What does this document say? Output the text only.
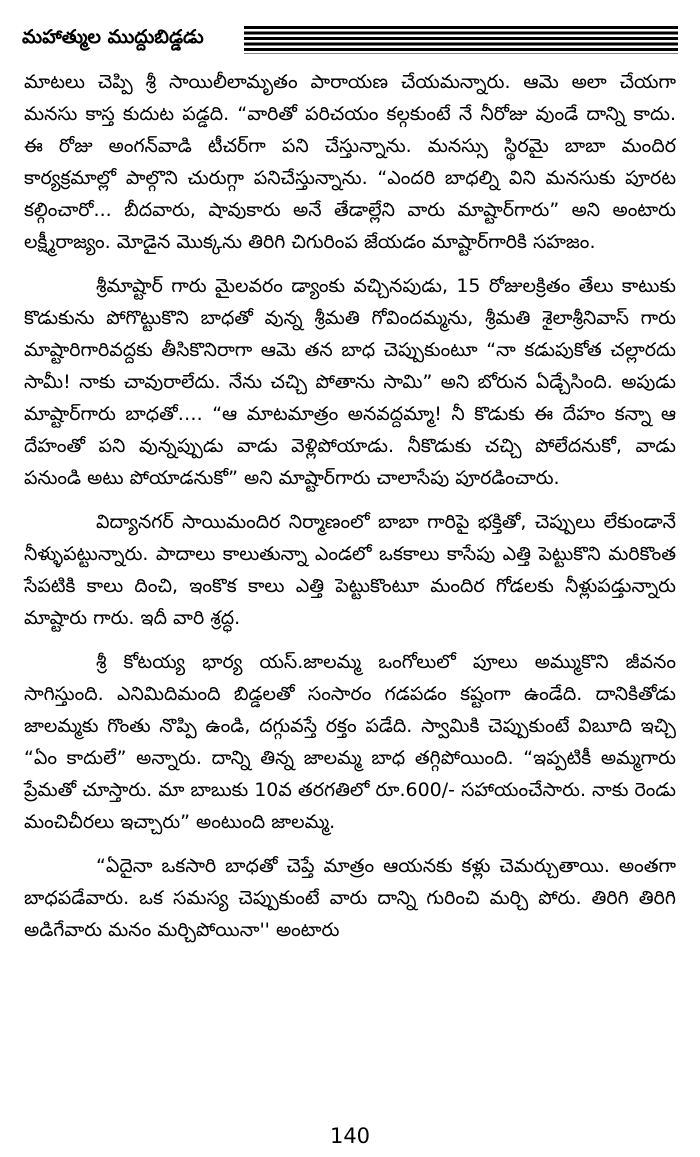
మహాత్ముల ముద్దుబిడ్డడు

మాటలు చెప్పి శ్రీ సాయిలీలామృతం పారాయణ చేయమన్నారు. ఆమె అలా చేయగా మనసు కాస్త కుదుట పడ్డది. “వారితో పరిచయం కల్గకుంటే నే నీరోజు వుండే దాన్ని కాదు. ఈ రోజు అంగన్‌వాడి టీచర్‌గా పని చేస్తున్నాను. మనస్సు స్థిరమై బాబా మందిర కార్యక్రమాల్లో పాల్గొని చురుగ్గా పనిచేస్తున్నాను. “ఎందరి బాధల్ని విని మనసుకు పూరట కల్గించారో... బీదవారు, షావుకారు అనే తేడాల్లేని వారు మాష్టార్‌గారు” అని అంటారు లక్ష్మీరాజ్యం. మోడైన మొక్కను తిరిగి చిగురింప జేయడం మాష్టార్‌గారికి సహజం.

శ్రీమాష్టార్ గారు మైలవరం డ్యాంకు వచ్చినపుడు, 15 రోజులక్రితం తేలు కాటుకు కొడుకును పోగొట్టుకొని బాధతో వున్న శ్రీమతి గోవిందమ్మను, శ్రీమతి శైలాశ్రీనివాస్ గారు మాష్టారిగారివద్దకు తీసికొనిరాగా ఆమె తన బాధ చెప్పుకుంటూ “నా కడుపుకోత చల్లారదు సామీ! నాకు చావురాలేదు. నేను చచ్చి పోతాను సామి” అని బోరున ఏడ్చేసింది. అపుడు మాష్టార్‌గారు బాధతో…. “ఆ మాటమాత్రం అనవద్దమ్మా! నీ కొడుకు ఈ దేహం కన్నా ఆ దేహంతో పని వున్నప్పుడు వాడు వెళ్లిపోయాడు. నీకొడుకు చచ్చి పోలేదనుకో, వాడు పనుండి అటు పోయాడనుకో” అని మాష్టార్‌గారు చాలాసేపు పూరడించారు.

విద్యానగర్ సాయిమందిర నిర్మాణంలో బాబా గారిపై భక్తితో, చెప్పులు లేకుండానే నీళ్ళుపట్టున్నారు. పాదాలు కాలుతున్నా ఎండలో ఒకకాలు కాసేపు ఎత్తి పెట్టుకొని మరికొంత సేపటికి కాలు దించి, ఇంకొక కాలు ఎత్తి పెట్టుకొంటూ మందిర గోడలకు నీళ్లుపడ్తున్నారు మాష్టారు గారు. ఇదీ వారి శ్రద్ధ.

శ్రీ కోటయ్య భార్య యస్.జాలమ్మ ఒంగోలులో పూలు అమ్ముకొని జీవనం సాగిస్తుంది. ఎనిమిదిమంది బిడ్డలతో సంసారం గడపడం కష్టంగా ఉండేది. దానికితోడు జాలమ్మకు గొంతు నొప్పి ఉండి, దగ్గువస్తే రక్తం పడేది. స్వామికి చెప్పుకుంటే విబూది ఇచ్చి “ఏం కాదులే” అన్నారు. దాన్ని తిన్న జాలమ్మ బాధ తగ్గిపోయింది. “ఇప్పటికీ అమ్మగారు ప్రేమతో చూస్తారు. మా బాబుకు 10వ తరగతిలో రూ.600/- సహాయంచేసారు. నాకు రెండు మంచిచీరలు ఇచ్చారు” అంటుంది జాలమ్మ.

“ఏదైనా ఒకసారి బాధతో చెప్తే మాత్రం ఆయనకు కళ్లు చెమర్చుతాయి. అంతగా బాధపడేవారు. ఒక సమస్య చెప్పుకుంటే వారు దాన్ని గురించి మర్చి పోరు. తిరిగి తిరిగి అడిగేవారు మనం మర్చిపోయినా'' అంటారు

140
